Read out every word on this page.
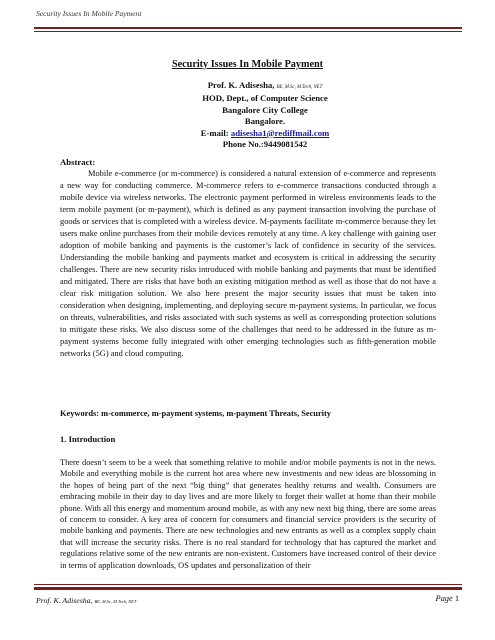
Security Issues In Mobile Payment
Security Issues In Mobile Payment
Prof. K. Adisesha, BE, M.Sc, M.Tech, NET
HOD, Dept., of Computer Science
Bangalore City College
Bangalore.
E-mail: adisesha1@rediffmail.com
Phone No.:9449081542
Abstract:
Mobile e-commerce (or m-commerce) is considered a natural extension of e-commerce and represents a new way for conducting commerce. M-commerce refers to e-commerce transactions conducted through a mobile device via wireless networks. The electronic payment performed in wireless environments leads to the term mobile payment (or m-payment), which is defined as any payment transaction involving the purchase of goods or services that is completed with a wireless device. M-payments facilitate m-commerce because they let users make online purchases from their mobile devices remotely at any time. A key challenge with gaining user adoption of mobile banking and payments is the customer’s lack of confidence in security of the services. Understanding the mobile banking and payments market and ecosystem is critical in addressing the security challenges. There are new security risks introduced with mobile banking and payments that must be identified and mitigated. There are risks that have both an existing mitigation method as well as those that do not have a clear risk mitigation solution. We also here present the major security issues that must be taken into consideration when designing, implementing, and deploying secure m-payment systems. In particular, we focus on threats, vulnerabilities, and risks associated with such systems as well as corresponding protection solutions to mitigate these risks. We also discuss some of the challenges that need to be addressed in the future as m-payment systems become fully integrated with other emerging technologies such as fifth-generation mobile networks (5G) and cloud computing.
Keywords: m-commerce, m-payment systems, m-payment Threats, Security
1. Introduction
There doesn’t seem to be a week that something relative to mobile and/or mobile payments is not in the news. Mobile and everything mobile is the current hot area where new investments and new ideas are blossoming in the hopes of being part of the next “big thing” that generates healthy returns and wealth. Consumers are embracing mobile in their day to day lives and are more likely to forget their wallet at home than their mobile phone. With all this energy and momentum around mobile, as with any new next big thing, there are some areas of concern to consider. A key area of concern for consumers and financial service providers is the security of mobile banking and payments. There are new technologies and new entrants as well as a complex supply chain that will increase the security risks. There is no real standard for technology that has captured the market and regulations relative some of the new entrants are non-existent. Customers have increased control of their device in terms of application downloads, OS updates and personalization of their
Prof. K. Adisesha, BE, M.Sc, M.Tech, NET	Page 1
